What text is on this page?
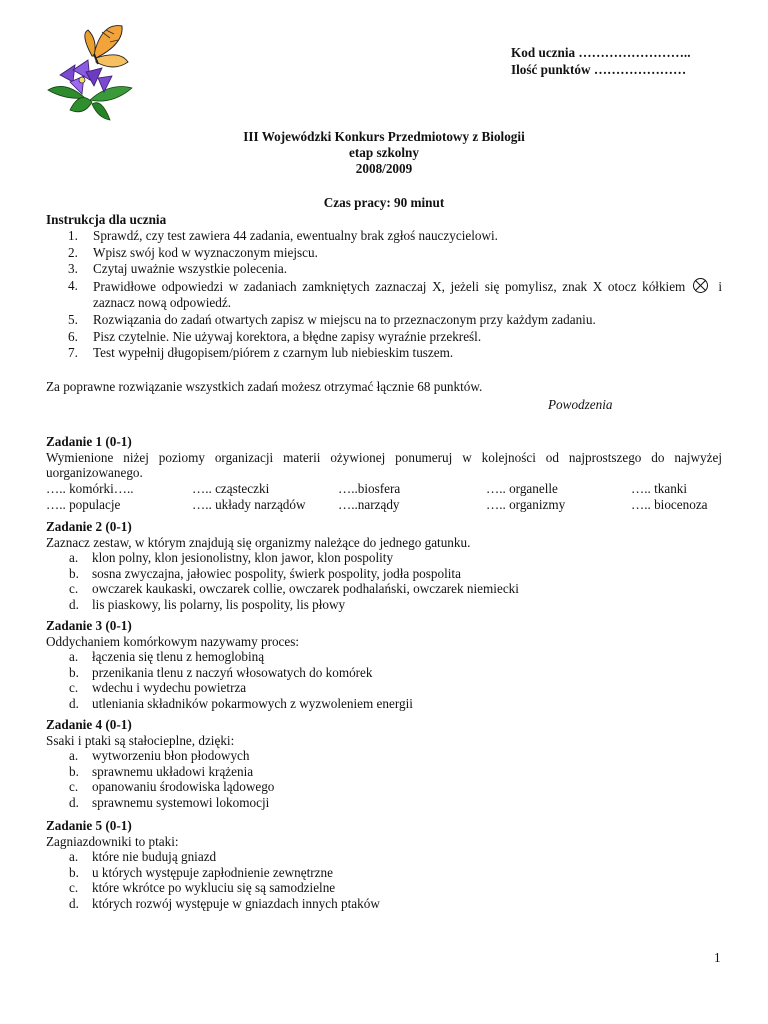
Kod ucznia ……………………..
Ilość punktów …………………
III Wojewódzki Konkurs Przedmiotowy z Biologii
etap szkolny
2008/2009
Czas pracy: 90 minut
Instrukcja dla ucznia
1. Sprawdź, czy test zawiera 44 zadania, ewentualny brak zgłoś nauczycielowi.
2. Wpisz swój kod w wyznaczonym miejscu.
3. Czytaj uważnie wszystkie polecenia.
4. Prawidłowe odpowiedzi w zadaniach zamkniętych zaznaczaj X, jeżeli się pomylisz, znak X otocz kółkiem	i zaznacz nową odpowiedź.
5. Rozwiązania do zadań otwartych zapisz w miejscu na to przeznaczonym przy każdym zadaniu.
6. Pisz czytelnie. Nie używaj korektora, a błędne zapisy wyraźnie przekreśl.
7. Test wypełnij długopisem/piórem z czarnym lub niebieskim tuszem.
Za poprawne rozwiązanie wszystkich zadań możesz otrzymać łącznie 68 punktów.
Powodzenia
Zadanie 1 (0-1)

Wymienione niżej poziomy organizacji materii ożywionej ponumeruj w kolejności od najprostszego do najwyżej uorganizowanego.

….. komórki…..	….. cząsteczki	…..biosfera	….. organelle	….. tkanki
….. populacje	….. układy narządów …..narządy	….. organizmy	….. biocenoza
Zadanie 2 (0-1)

Zaznacz zestaw, w którym znajdują się organizmy należące do jednego gatunku.

a. klon polny, klon jesionolistny, klon jawor, klon pospolity
b. sosna zwyczajna, jałowiec pospolity, świerk pospolity, jodła pospolita
c. owczarek kaukaski, owczarek collie, owczarek podhalański, owczarek niemiecki
d. lis piaskowy, lis polarny, lis pospolity, lis płowy
Zadanie 3 (0-1)

Oddychaniem komórkowym nazywamy proces:

a. łączenia się tlenu z hemoglobiną
b. przenikania tlenu z naczyń włosowatych do komórek
c. wdechu i wydechu powietrza
d. utleniania składników pokarmowych z wyzwoleniem energii
Zadanie 4 (0-1)

Ssaki i ptaki są stałocieplne, dzięki:

a. wytworzeniu błon płodowych
b. sprawnemu układowi krążenia
c. opanowaniu środowiska lądowego
d. sprawnemu systemowi lokomocji
Zadanie 5 (0-1)

Zagniazdowniki to ptaki:

a. które nie budują gniazd
b. u których występuje zapłodnienie zewnętrzne
c. które wkrótce po wykluciu się są samodzielne
d. których rozwój występuje w gniazdach innych ptaków
1
